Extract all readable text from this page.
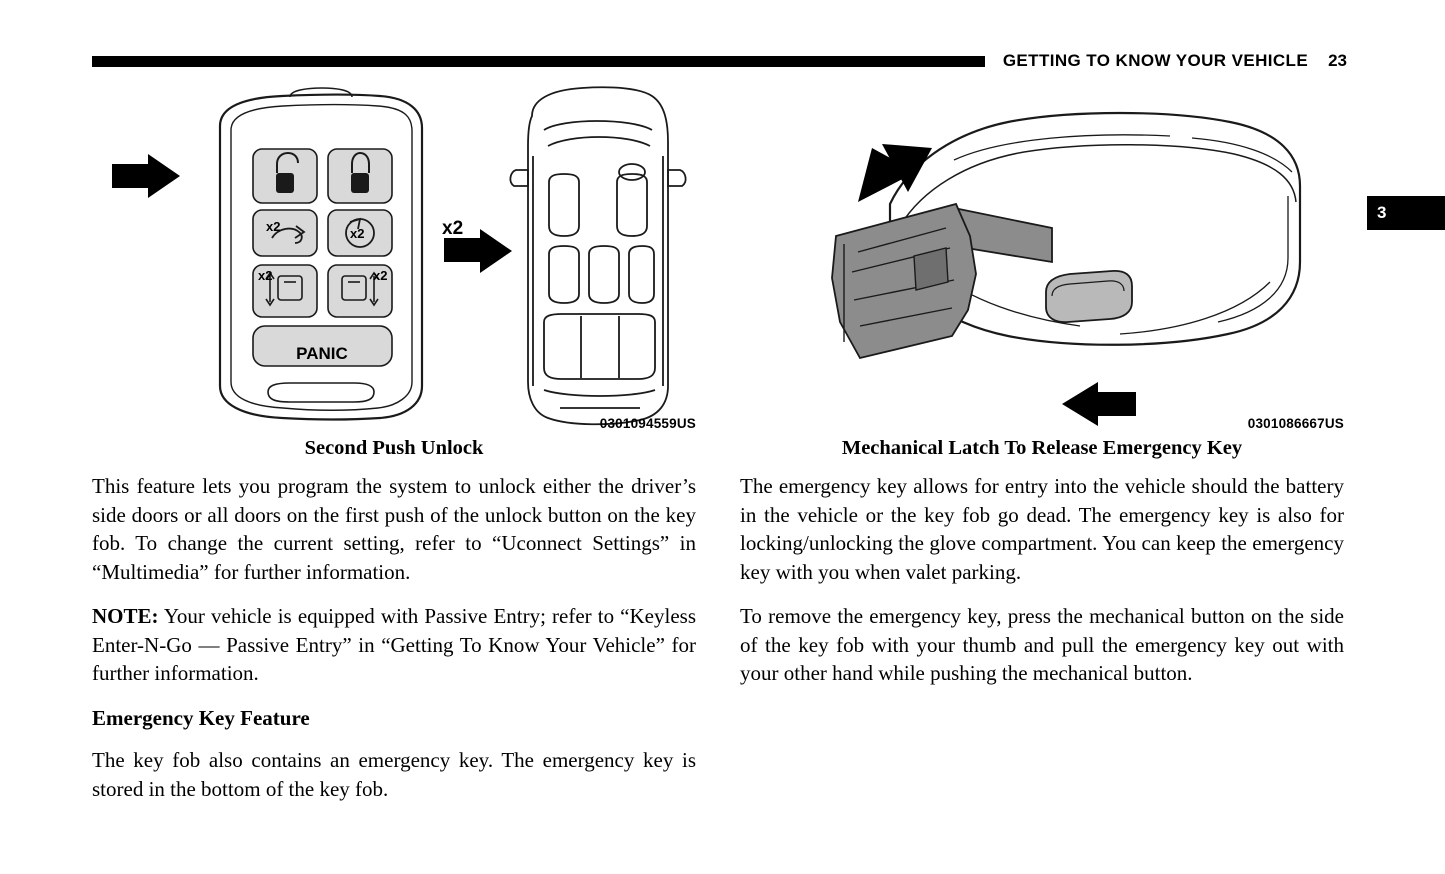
GETTING TO KNOW YOUR VEHICLE 23
3
PANIC
x2	x2
x2	x2
x2
0301094559US
Second Push Unlock

This feature lets you program the system to unlock either the driver’s side doors or all doors on the first push of the unlock button on the key fob. To change the current setting, refer to “Uconnect Settings” in “Multimedia” for further information.

NOTE: Your vehicle is equipped with Passive Entry; refer to “Keyless Enter-N-Go — Passive Entry” in “Getting To Know Your Vehicle” for further information.

Emergency Key Feature

The key fob also contains an emergency key. The emergency key is stored in the bottom of the key fob.

0301086667US
Mechanical Latch To Release Emergency Key

The emergency key allows for entry into the vehicle should the battery in the vehicle or the key fob go dead. The emergency key is also for locking/unlocking the glove compartment. You can keep the emergency key with you when valet parking.

To remove the emergency key, press the mechanical button on the side of the key fob with your thumb and pull the emergency key out with your other hand while pushing the mechanical button.
